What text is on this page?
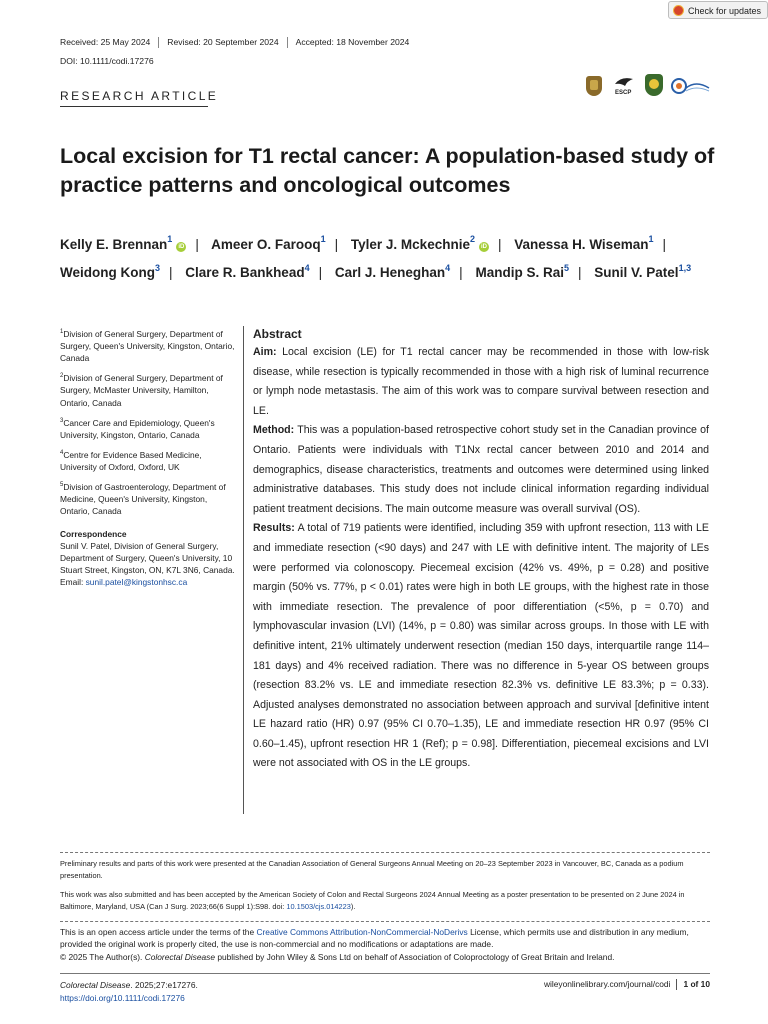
Check for updates
Received: 25 May 2024 Revised: 20 September 2024 Accepted: 18 November 2024
DOI: 10.1111/codi.17276
RESEARCH ARTICLE	ESCP
Local excision for T1 rectal cancer: A population-based study of practice patterns and oncological outcomes
Kelly E. Brennan$^1$iD | Ameer O. Farooq$^1$ | Tyler J. Mckechnie$^2$iD | Vanessa H. Wiseman$^1$ | Weidong Kong$^3$ | Clare R. Bankhead$^4$ | Carl J. Heneghan$^4$ | Mandip S. Rai$^5$ | Sunil V. Patel$^{1,3}$
$^1$Division of General Surgery, Department of Surgery, Queen's University, Kingston, Ontario, Canada
$^2$Division of General Surgery, Department of Surgery, McMaster University, Hamilton, Ontario, Canada
$^3$Cancer Care and Epidemiology, Queen's University, Kingston, Ontario, Canada
$^4$Centre for Evidence Based Medicine, University of Oxford, Oxford, UK
$^5$Division of Gastroenterology, Department of Medicine, Queen's University, Kingston, Ontario, Canada
Correspondence
Sunil V. Patel, Division of General Surgery, Department of Surgery, Queen's University, 10 Stuart Street, Kingston, ON, K7L 3N6, Canada.
Email: sunil.patel@kingstonhsc.ca
Abstract

Aim: Local excision (LE) for T1 rectal cancer may be recommended in those with low-risk disease, while resection is typically recommended in those with a high risk of luminal recurrence or lymph node metastasis. The aim of this work was to compare survival between resection and LE.

Method: This was a population-based retrospective cohort study set in the Canadian province of Ontario. Patients were individuals with T1Nx rectal cancer between 2010 and 2014 and demographics, disease characteristics, treatments and outcomes were determined using linked administrative databases. This study does not include clinical information regarding individual patient treatment decisions. The main outcome measure was overall survival (OS).

Results: A total of 719 patients were identified, including 359 with upfront resection, 113 with LE and immediate resection (<90 days) and 247 with LE with definitive intent. The majority of LEs were performed via colonoscopy. Piecemeal excision (42% vs. 49%, p = 0.28) and positive margin (50% vs. 77%, p < 0.01) rates were high in both LE groups, with the highest rate in those with immediate resection. The prevalence of poor differentiation (<5%, p = 0.70) and lymphovascular invasion (LVI) (14%, p = 0.80) was similar across groups. In those with LE with definitive intent, 21% ultimately underwent resection (median 150 days, interquartile range 114–181 days) and 4% received radiation. There was no difference in 5-year OS between groups (resection 83.2% vs. LE and immediate resection 82.3% vs. definitive LE 83.3%; p = 0.33). Adjusted analyses demonstrated no association between approach and survival [definitive intent LE hazard ratio (HR) 0.97 (95% CI 0.70–1.35), LE and immediate resection HR 0.97 (95% CI 0.60–1.45), upfront resection HR 1 (Ref); p = 0.98]. Differentiation, piecemeal excisions and LVI were not associated with OS in the LE groups.

Preliminary results and parts of this work were presented at the Canadian Association of General Surgeons Annual Meeting on 20–23 September 2023 in Vancouver, BC, Canada as a podium presentation.
This work was also submitted and has been accepted by the American Society of Colon and Rectal Surgeons 2024 Annual Meeting as a poster presentation to be presented on 2 June 2024 in Baltimore, Maryland, USA (Can J Surg. 2023;66(6 Suppl 1):S98. doi: 10.1503/cjs.014223).
This is an open access article under the terms of the Creative Commons Attribution-NonCommercial-NoDerivs License, which permits use and distribution in any medium, provided the original work is properly cited, the use is non-commercial and no modifications or adaptations are made.
© 2025 The Author(s). Colorectal Disease published by John Wiley & Sons Ltd on behalf of Association of Coloproctology of Great Britain and Ireland.
Colorectal Disease. 2025;27:e17276.
https://doi.org/10.1111/codi.17276
wileyonlinelibrary.com/journal/codi 1 of 10
